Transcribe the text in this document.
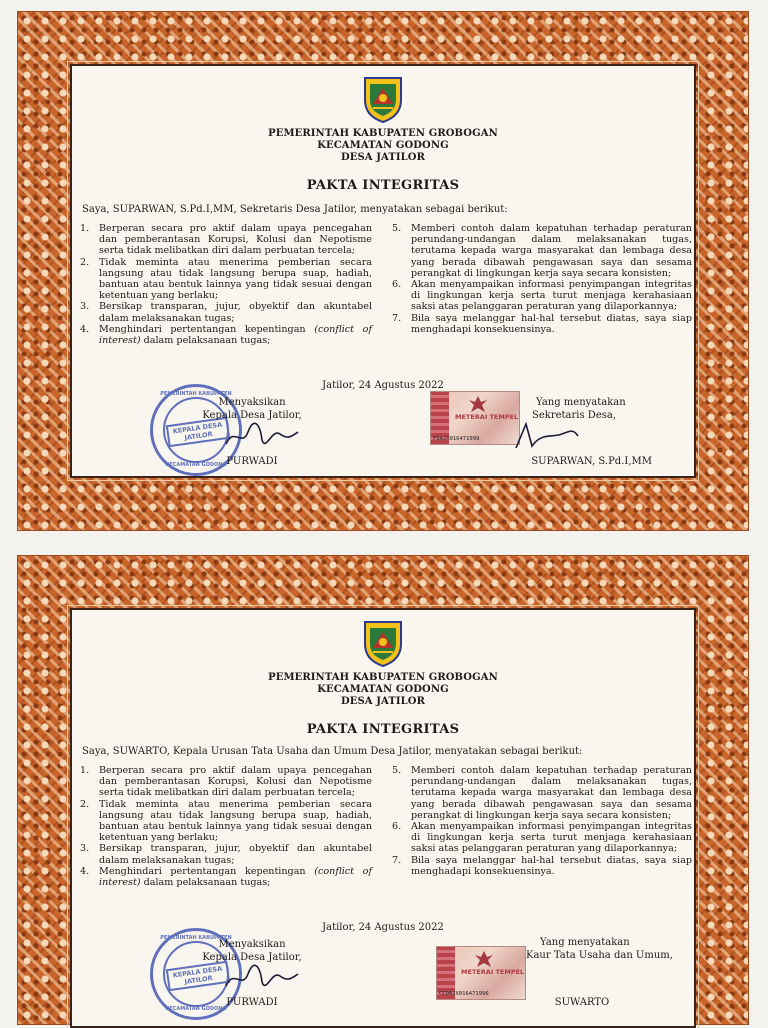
PEMERINTAH KABUPATEN GROBOGAN
KECAMATAN GODONG
DESA JATILOR
PAKTA INTEGRITAS
Saya, SUPARWAN, S.Pd.I,MM, Sekretaris Desa Jatilor, menyatakan sebagai berikut:
1. Berperan secara pro aktif dalam upaya pencegahan dan pemberantasan Korupsi, Kolusi dan Nepotisme serta tidak melibatkan diri dalam perbuatan tercela;
2. Tidak meminta atau menerima pemberian secara langsung atau tidak langsung berupa suap, hadiah, bantuan atau bentuk lainnya yang tidak sesuai dengan ketentuan yang berlaku;
3. Bersikap transparan, jujur, obyektif dan akuntabel dalam melaksanakan tugas;
4. Menghindari pertentangan kepentingan (conflict of interest) dalam pelaksanaan tugas;
5. Memberi contoh dalam kepatuhan terhadap peraturan perundang-undangan dalam melaksanakan tugas, terutama kepada warga masyarakat dan lembaga desa yang berada dibawah pengawasan saya dan sesama perangkat di lingkungan kerja saya secara konsisten;
6. Akan menyampaikan informasi penyimpangan integritas di lingkungan kerja serta turut menjaga kerahasiaan saksi atas pelanggaran peraturan yang dilaporkannya;
7. Bila saya melanggar hal-hal tersebut diatas, saya siap menghadapi konsekuensinya.
Jatilor, 24 Agustus 2022
PEMERINTAH KABUPATEN
KEPALA DESA JATILOR
KECAMATAN GODONG
Menyaksikan
Kepala Desa Jatilor,
PURWADI
METERAI TEMPEL
F3AJX016471999
Yang menyatakan
Sekretaris Desa,
SUPARWAN, S.Pd.I,MM
PEMERINTAH KABUPATEN GROBOGAN
KECAMATAN GODONG
DESA JATILOR
PAKTA INTEGRITAS
Saya, SUWARTO, Kepala Urusan Tata Usaha dan Umum Desa Jatilor, menyatakan sebagai berikut:
1. Berperan secara pro aktif dalam upaya pencegahan dan pemberantasan Korupsi, Kolusi dan Nepotisme serta tidak melibatkan diri dalam perbuatan tercela;
2. Tidak meminta atau menerima pemberian secara langsung atau tidak langsung berupa suap, hadiah, bantuan atau bentuk lainnya yang tidak sesuai dengan ketentuan yang berlaku;
3. Bersikap transparan, jujur, obyektif dan akuntabel dalam melaksanakan tugas;
4. Menghindari pertentangan kepentingan (conflict of interest) dalam pelaksanaan tugas;
5. Memberi contoh dalam kepatuhan terhadap peraturan perundang-undangan dalam melaksanakan tugas, terutama kepada warga masyarakat dan lembaga desa yang berada dibawah pengawasan saya dan sesama perangkat di lingkungan kerja saya secara konsisten;
6. Akan menyampaikan informasi penyimpangan integritas di lingkungan kerja serta turut menjaga kerahasiaan saksi atas pelanggaran peraturan yang dilaporkannya;
7. Bila saya melanggar hal-hal tersebut diatas, saya siap menghadapi konsekuensinya.
Jatilor, 24 Agustus 2022
PEMERINTAH KABUPATEN
KEPALA DESA JATILOR
KECAMATAN GODONG
Menyaksikan
Kepala Desa Jatilor,
PURWADI
METERAI TEMPEL
CCDAJX016471996
Yang menyatakan
Kaur Tata Usaha dan Umum,
SUWARTO
